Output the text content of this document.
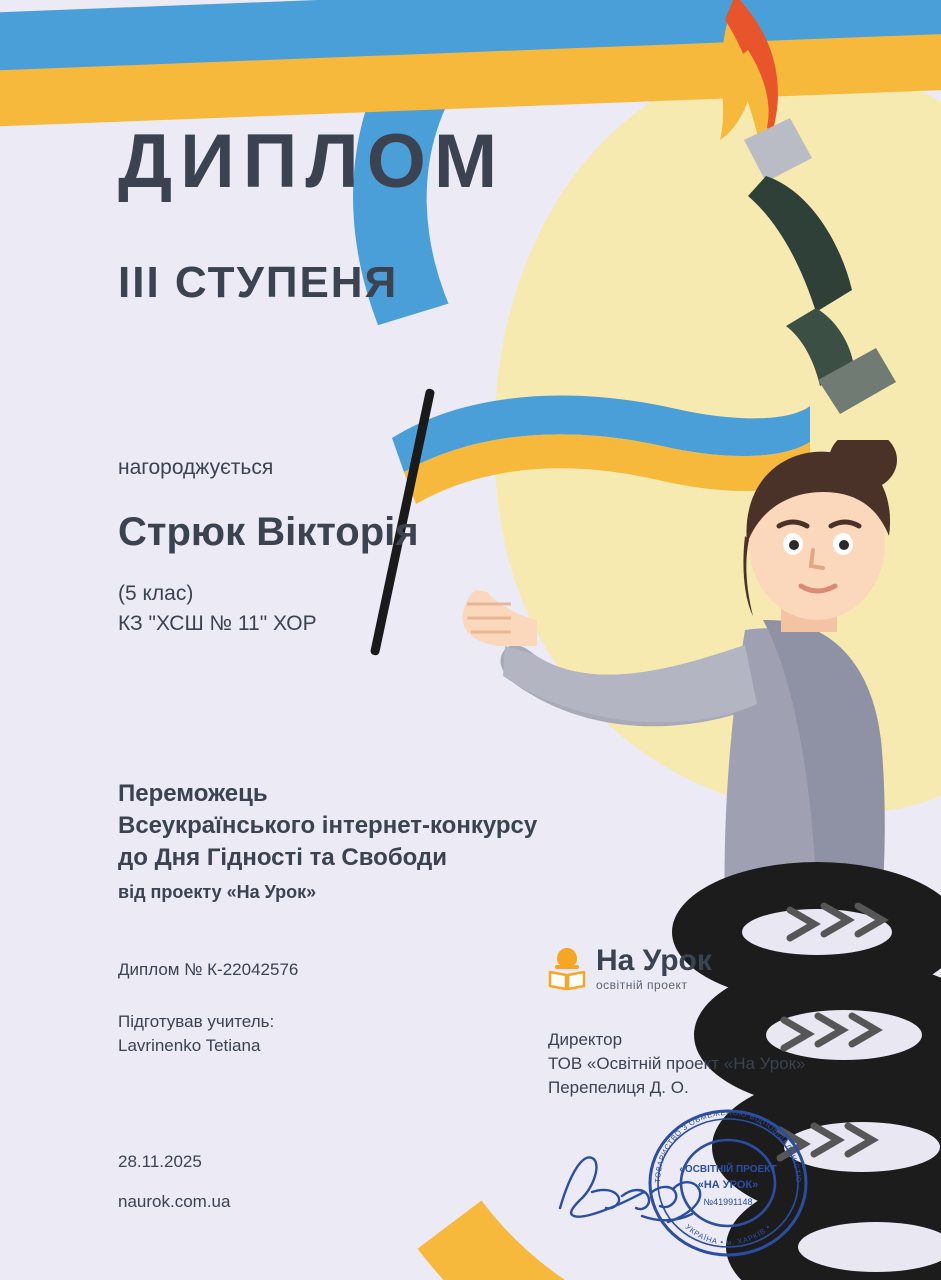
ДИПЛОМ
III СТУПЕНЯ
нагороджується
Стрюк Вікторія
(5 клас)
КЗ "ХСШ № 11" ХОР
Переможець
Всеукраїнського інтернет-конкурсу
до Дня Гідності та Свободи
від проекту «На Урок»
Диплом № К-22042576
Підготував учитель:
Lavrinenko Tetiana
28.11.2025
naurok.com.ua
На Урок
освітній проект
Директор
ТОВ «Освітній проект «На Урок»
Перепелиця Д. О.
ТОВАРИСТВО З ОБМЕЖЕНОЮ ВІДПОВІДАЛЬНІСТЮ
УКРАЇНА • м. ХАРКІВ •
«ОСВІТНІЙ ПРОЕКТ
«НА УРОК»
№41991148
